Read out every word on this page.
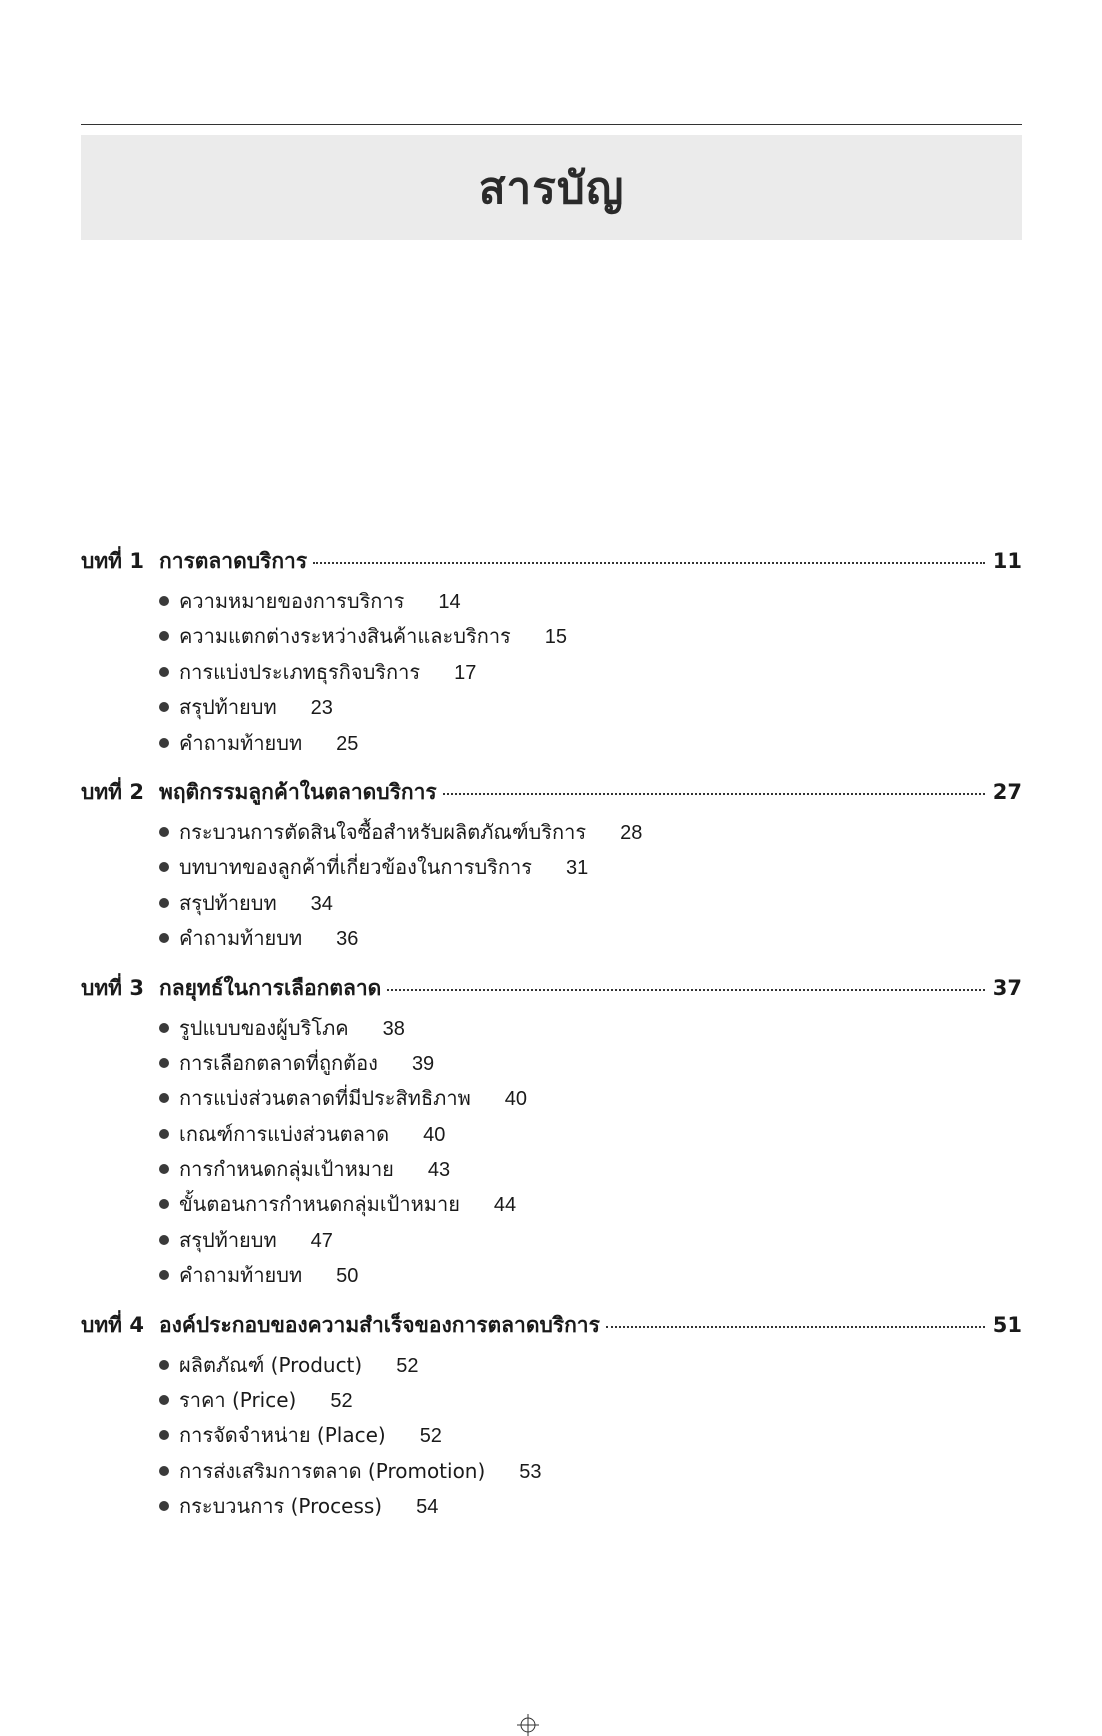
สารบัญ
บทที่ 1 การตลาดบริการ	11
ความหมายของการบริการ 14
ความแตกต่างระหว่างสินค้าและบริการ 15
การแบ่งประเภทธุรกิจบริการ 17
สรุปท้ายบท 23
คำถามท้ายบท 25
บทที่ 2 พฤติกรรมลูกค้าในตลาดบริการ	27
กระบวนการตัดสินใจซื้อสำหรับผลิตภัณฑ์บริการ 28
บทบาทของลูกค้าที่เกี่ยวข้องในการบริการ 31
สรุปท้ายบท 34
คำถามท้ายบท 36
บทที่ 3 กลยุทธ์ในการเลือกตลาด	37
รูปแบบของผู้บริโภค 38
การเลือกตลาดที่ถูกต้อง 39
การแบ่งส่วนตลาดที่มีประสิทธิภาพ 40
เกณฑ์การแบ่งส่วนตลาด 40
การกำหนดกลุ่มเป้าหมาย 43
ขั้นตอนการกำหนดกลุ่มเป้าหมาย 44
สรุปท้ายบท 47
คำถามท้ายบท 50
บทที่ 4 องค์ประกอบของความสำเร็จของการตลาดบริการ	51
ผลิตภัณฑ์ (Product) 52
ราคา (Price) 52
การจัดจำหน่าย (Place) 52
การส่งเสริมการตลาด (Promotion) 53
กระบวนการ (Process) 54
